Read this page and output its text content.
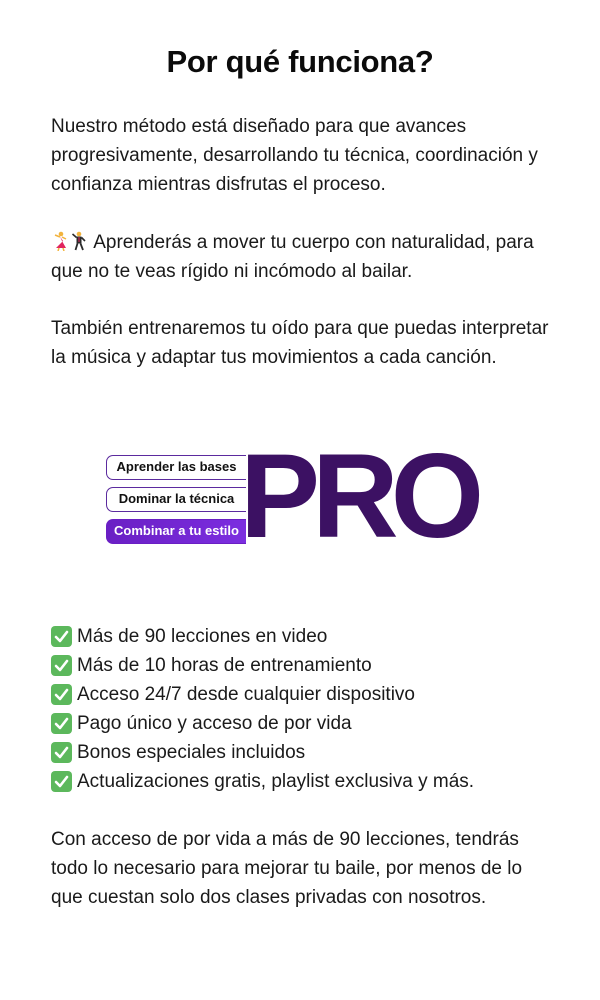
Por qué funciona?

Nuestro método está diseñado para que avances progresivamente, desarrollando tu técnica, coordinación y confianza mientras disfrutas el proceso.

Aprenderás a mover tu cuerpo con naturalidad, para que no te veas rígido ni incómodo al bailar.

También entrenaremos tu oído para que puedas interpretar la música y adaptar tus movimientos a cada canción.

Aprender las bases
Dominar la técnica
Combinar a tu estilo PRO
Más de 90 lecciones en video
Más de 10 horas de entrenamiento
Acceso 24/7 desde cualquier dispositivo
Pago único y acceso de por vida
Bonos especiales incluidos
Actualizaciones gratis, playlist exclusiva y más.

Con acceso de por vida a más de 90 lecciones, tendrás todo lo necesario para mejorar tu baile, por menos de lo que cuestan solo dos clases privadas con nosotros.
